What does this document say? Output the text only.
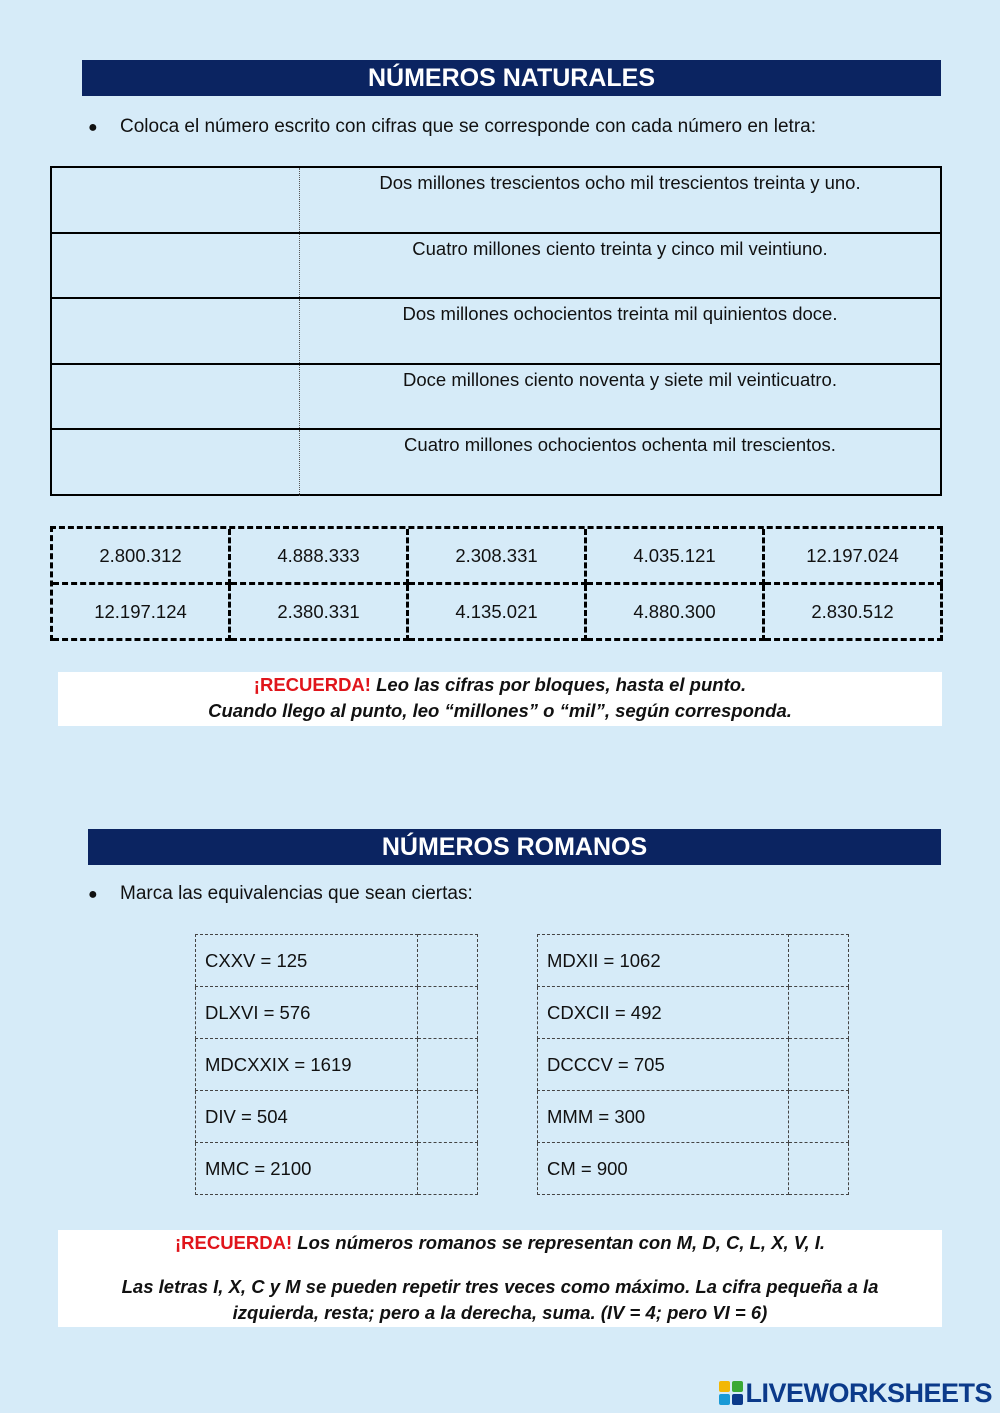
NÚMEROS NATURALES
● Coloca el número escrito con cifras que se corresponde con cada número en letra:
Dos millones trescientos ocho mil trescientos treinta y uno.
Cuatro millones ciento treinta y cinco mil veintiuno.
Dos millones ochocientos treinta mil quinientos doce.
Doce millones ciento noventa y siete mil veinticuatro.
Cuatro millones ochocientos ochenta mil trescientos.
2.800.312	4.888.333	2.308.331	4.035.121	12.197.024
12.197.124	2.380.331	4.135.021	4.880.300	2.830.512
¡RECUERDA! Leo las cifras por bloques, hasta el punto.
Cuando llego al punto, leo “millones” o “mil”, según corresponda.
NÚMEROS ROMANOS
● Marca las equivalencias que sean ciertas:
CXXV = 125	
DLXVI = 576	
MDCXXIX = 1619	
DIV = 504	
MMC = 2100	
MDXII = 1062	
CDXCII = 492	
DCCCV = 705	
MMM = 300	
CM = 900	
¡RECUERDA! Los números romanos se representan con M, D, C, L, X, V, I.
Las letras I, X, C y M se pueden repetir tres veces como máximo. La cifra pequeña a la izquierda, resta; pero a la derecha, suma. (IV = 4; pero VI = 6)
LIVEWORKSHEETS
